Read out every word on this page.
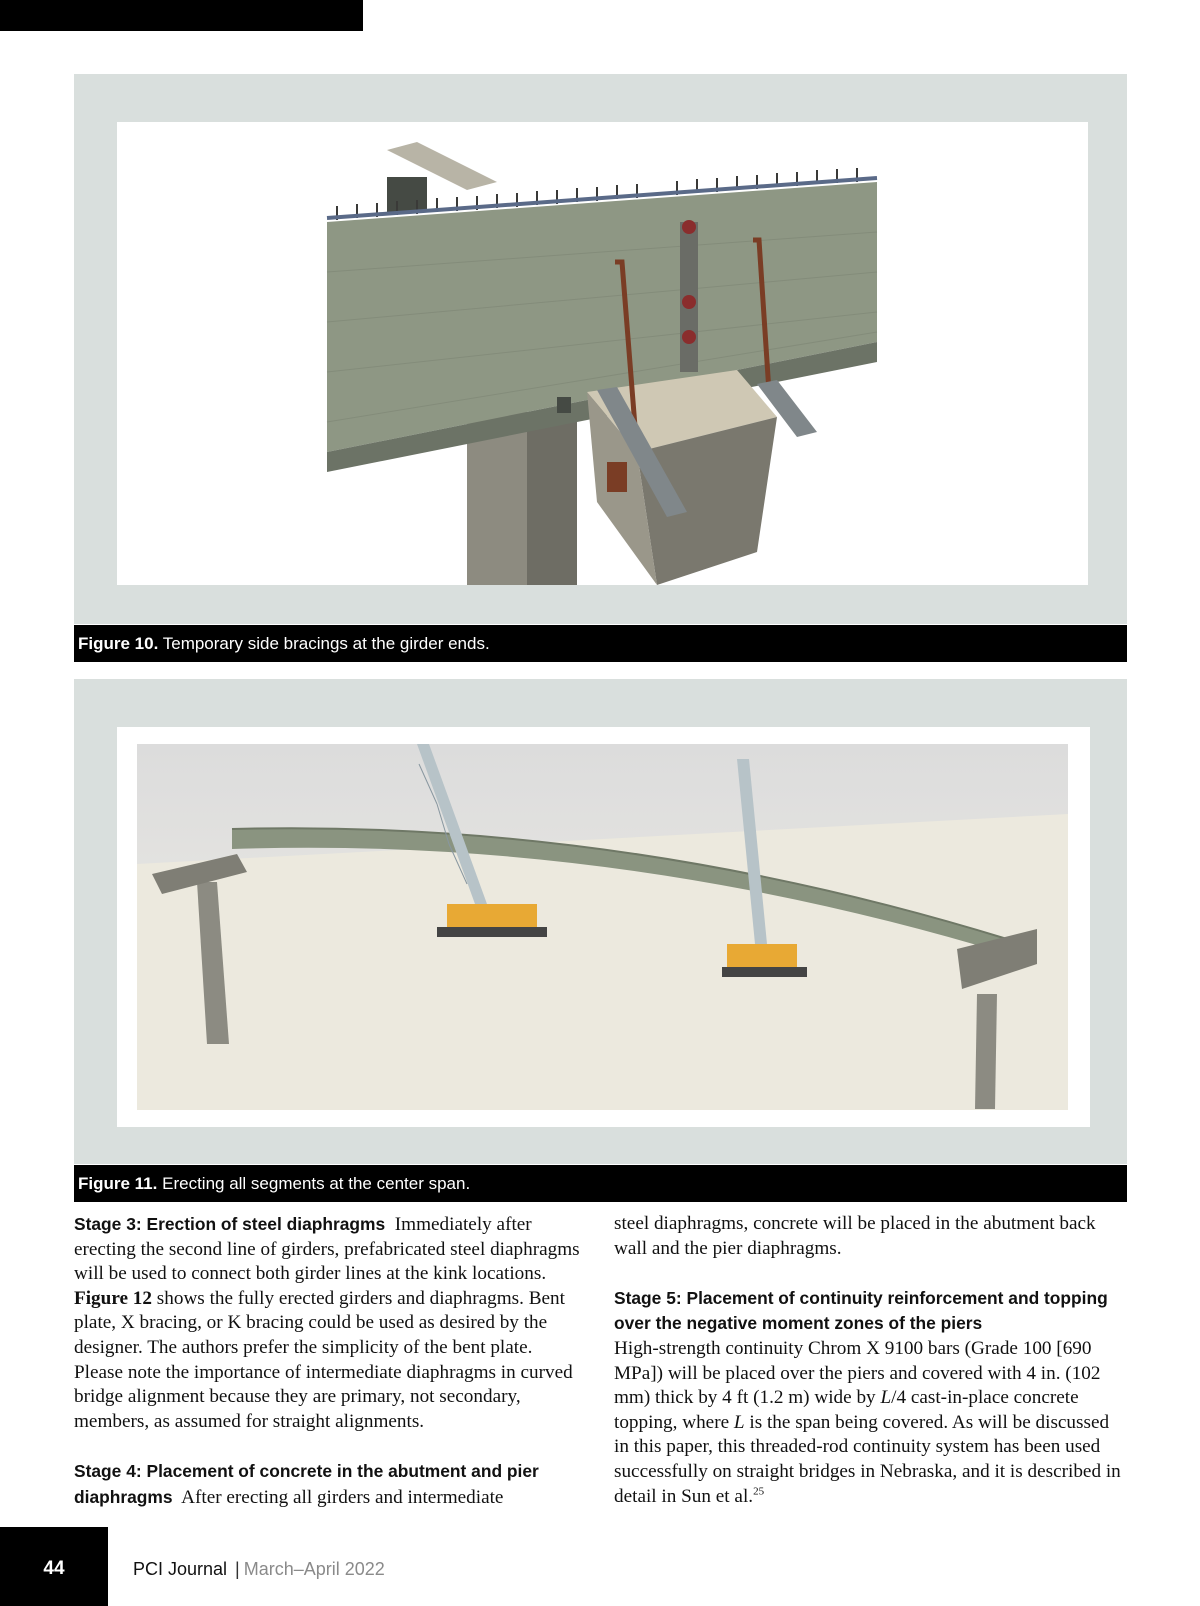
Figure 10. Temporary side bracings at the girder ends.
Figure 11. Erecting all segments at the center span.

Stage 3: Erection of steel diaphragms Immediately after erecting the second line of girders, prefabricated steel diaphragms will be used to connect both girder lines at the kink locations. Figure 12 shows the fully erected girders and diaphragms. Bent plate, X bracing, or K bracing could be used as desired by the designer. The authors prefer the simplicity of the bent plate. Please note the importance of intermediate diaphragms in curved bridge alignment because they are primary, not secondary, members, as assumed for straight alignments.

Stage 4: Placement of concrete in the abutment and pier diaphragms After erecting all girders and intermediate

steel diaphragms, concrete will be placed in the abutment back wall and the pier diaphragms.

Stage 5: Placement of continuity reinforcement and topping over the negative moment zones of the piers
High-strength continuity Chrom X 9100 bars (Grade 100 [690 MPa]) will be placed over the piers and covered with 4 in. (102 mm) thick by 4 ft (1.2 m) wide by L/4 cast-in-place concrete topping, where L is the span being covered. As will be discussed in this paper, this threaded-rod continuity system has been used successfully on straight bridges in Nebraska, and it is described in detail in Sun et al.$^{25}$

44	PCI Journal | March–April 2022
